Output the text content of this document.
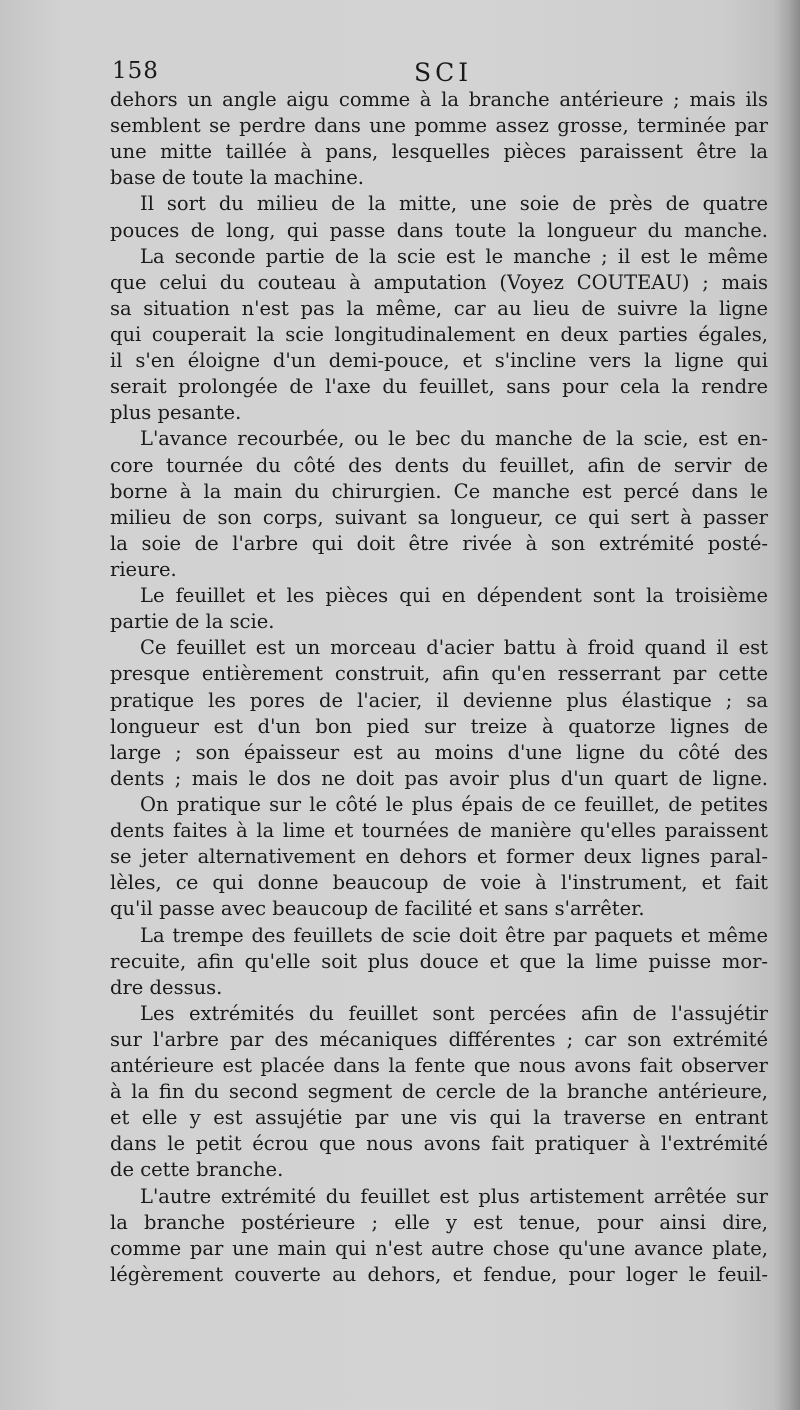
158	SCI
dehors un angle aigu comme à la branche antérieure ; mais ils
semblent se perdre dans une pomme assez grosse, terminée par
une mitte taillée à pans, lesquelles pièces paraissent être la
base de toute la machine.
Il sort du milieu de la mitte, une soie de près de quatre
pouces de long, qui passe dans toute la longueur du manche.
La seconde partie de la scie est le manche ; il est le même
que celui du couteau à amputation (Voyez COUTEAU) ; mais
sa situation n'est pas la même, car au lieu de suivre la ligne
qui couperait la scie longitudinalement en deux parties égales,
il s'en éloigne d'un demi-pouce, et s'incline vers la ligne qui
serait prolongée de l'axe du feuillet, sans pour cela la rendre
plus pesante.
L'avance recourbée, ou le bec du manche de la scie, est en-
core tournée du côté des dents du feuillet, afin de servir de
borne à la main du chirurgien. Ce manche est percé dans le
milieu de son corps, suivant sa longueur, ce qui sert à passer
la soie de l'arbre qui doit être rivée à son extrémité posté-
rieure.
Le feuillet et les pièces qui en dépendent sont la troisième
partie de la scie.
Ce feuillet est un morceau d'acier battu à froid quand il est
presque entièrement construit, afin qu'en resserrant par cette
pratique les pores de l'acier, il devienne plus élastique ; sa
longueur est d'un bon pied sur treize à quatorze lignes de
large ; son épaisseur est au moins d'une ligne du côté des
dents ; mais le dos ne doit pas avoir plus d'un quart de ligne.
On pratique sur le côté le plus épais de ce feuillet, de petites
dents faites à la lime et tournées de manière qu'elles paraissent
se jeter alternativement en dehors et former deux lignes paral-
lèles, ce qui donne beaucoup de voie à l'instrument, et fait
qu'il passe avec beaucoup de facilité et sans s'arrêter.
La trempe des feuillets de scie doit être par paquets et même
recuite, afin qu'elle soit plus douce et que la lime puisse mor-
dre dessus.
Les extrémités du feuillet sont percées afin de l'assujétir
sur l'arbre par des mécaniques différentes ; car son extrémité
antérieure est placée dans la fente que nous avons fait observer
à la fin du second segment de cercle de la branche antérieure,
et elle y est assujétie par une vis qui la traverse en entrant
dans le petit écrou que nous avons fait pratiquer à l'extrémité
de cette branche.
L'autre extrémité du feuillet est plus artistement arrêtée sur
la branche postérieure ; elle y est tenue, pour ainsi dire,
comme par une main qui n'est autre chose qu'une avance plate,
légèrement couverte au dehors, et fendue, pour loger le feuil-
